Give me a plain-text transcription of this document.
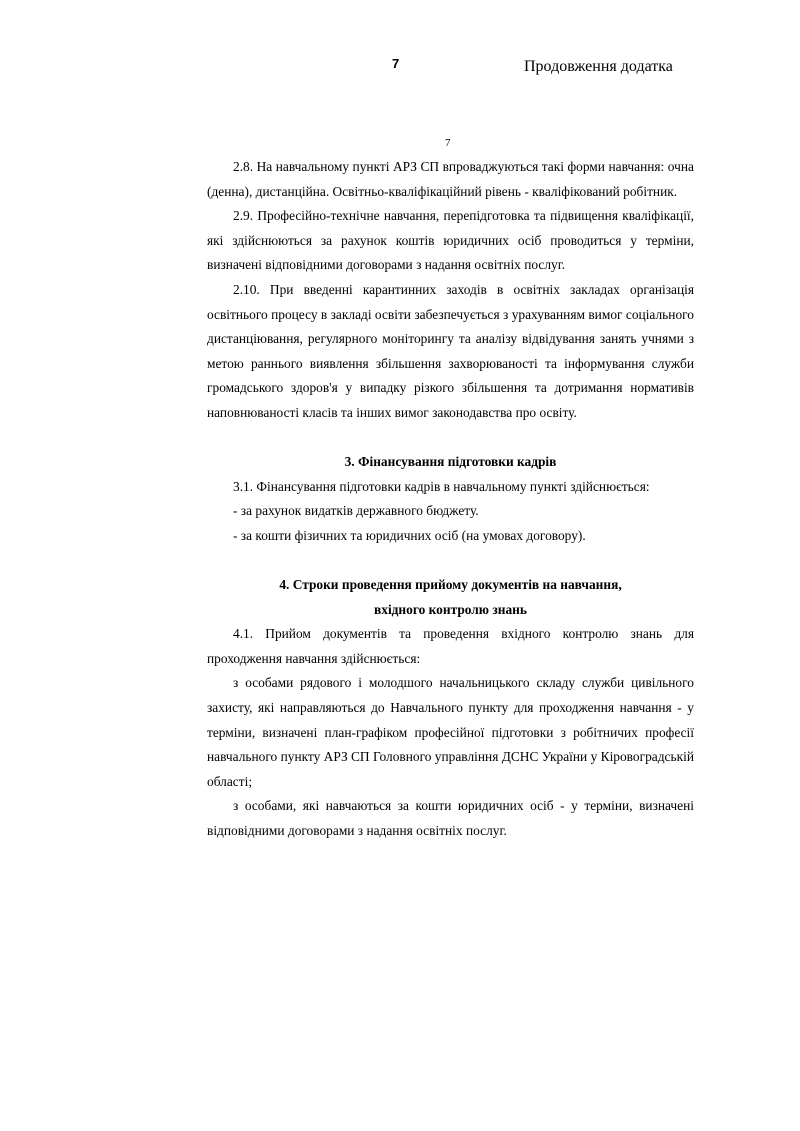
7	Продовження додатка
7

2.8. На навчальному пункті АРЗ СП впроваджуються такі форми навчання: очна (денна), дистанційна. Освітньо-кваліфікаційний рівень - кваліфікований робітник.

2.9. Професійно-технічне навчання, перепідготовка та підвищення кваліфікації, які здійснюються за рахунок коштів юридичних осіб проводиться у терміни, визначені відповідними договорами з надання освітніх послуг.

2.10. При введенні карантинних заходів в освітніх закладах організація освітнього процесу в закладі освіти забезпечується з урахуванням вимог соціального дистанціювання, регулярного моніторингу та аналізу відвідування занять учнями з метою раннього виявлення збільшення захворюваності та інформування служби громадського здоров'я у випадку різкого збільшення та дотримання нормативів наповнюваності класів та інших вимог законодавства про освіту.

3. Фінансування підготовки кадрів

3.1. Фінансування підготовки кадрів в навчальному пункті здійснюється:

- за рахунок видатків державного бюджету.

- за кошти фізичних та юридичних осіб (на умовах договору).

4. Строки проведення прийому документів на навчання,

вхідного контролю знань

4.1. Прийом документів та проведення вхідного контролю знань для проходження навчання здійснюється:

з особами рядового і молодшого начальницького складу служби цивільного захисту, які направляються до Навчального пункту для проходження навчання - у терміни, визначені план-графіком професійної підготовки з робітничих професії навчального пункту АРЗ СП Головного управління ДСНС України у Кіровоградській області;

з особами, які навчаються за кошти юридичних осіб - у терміни, визначені відповідними договорами з надання освітніх послуг.
